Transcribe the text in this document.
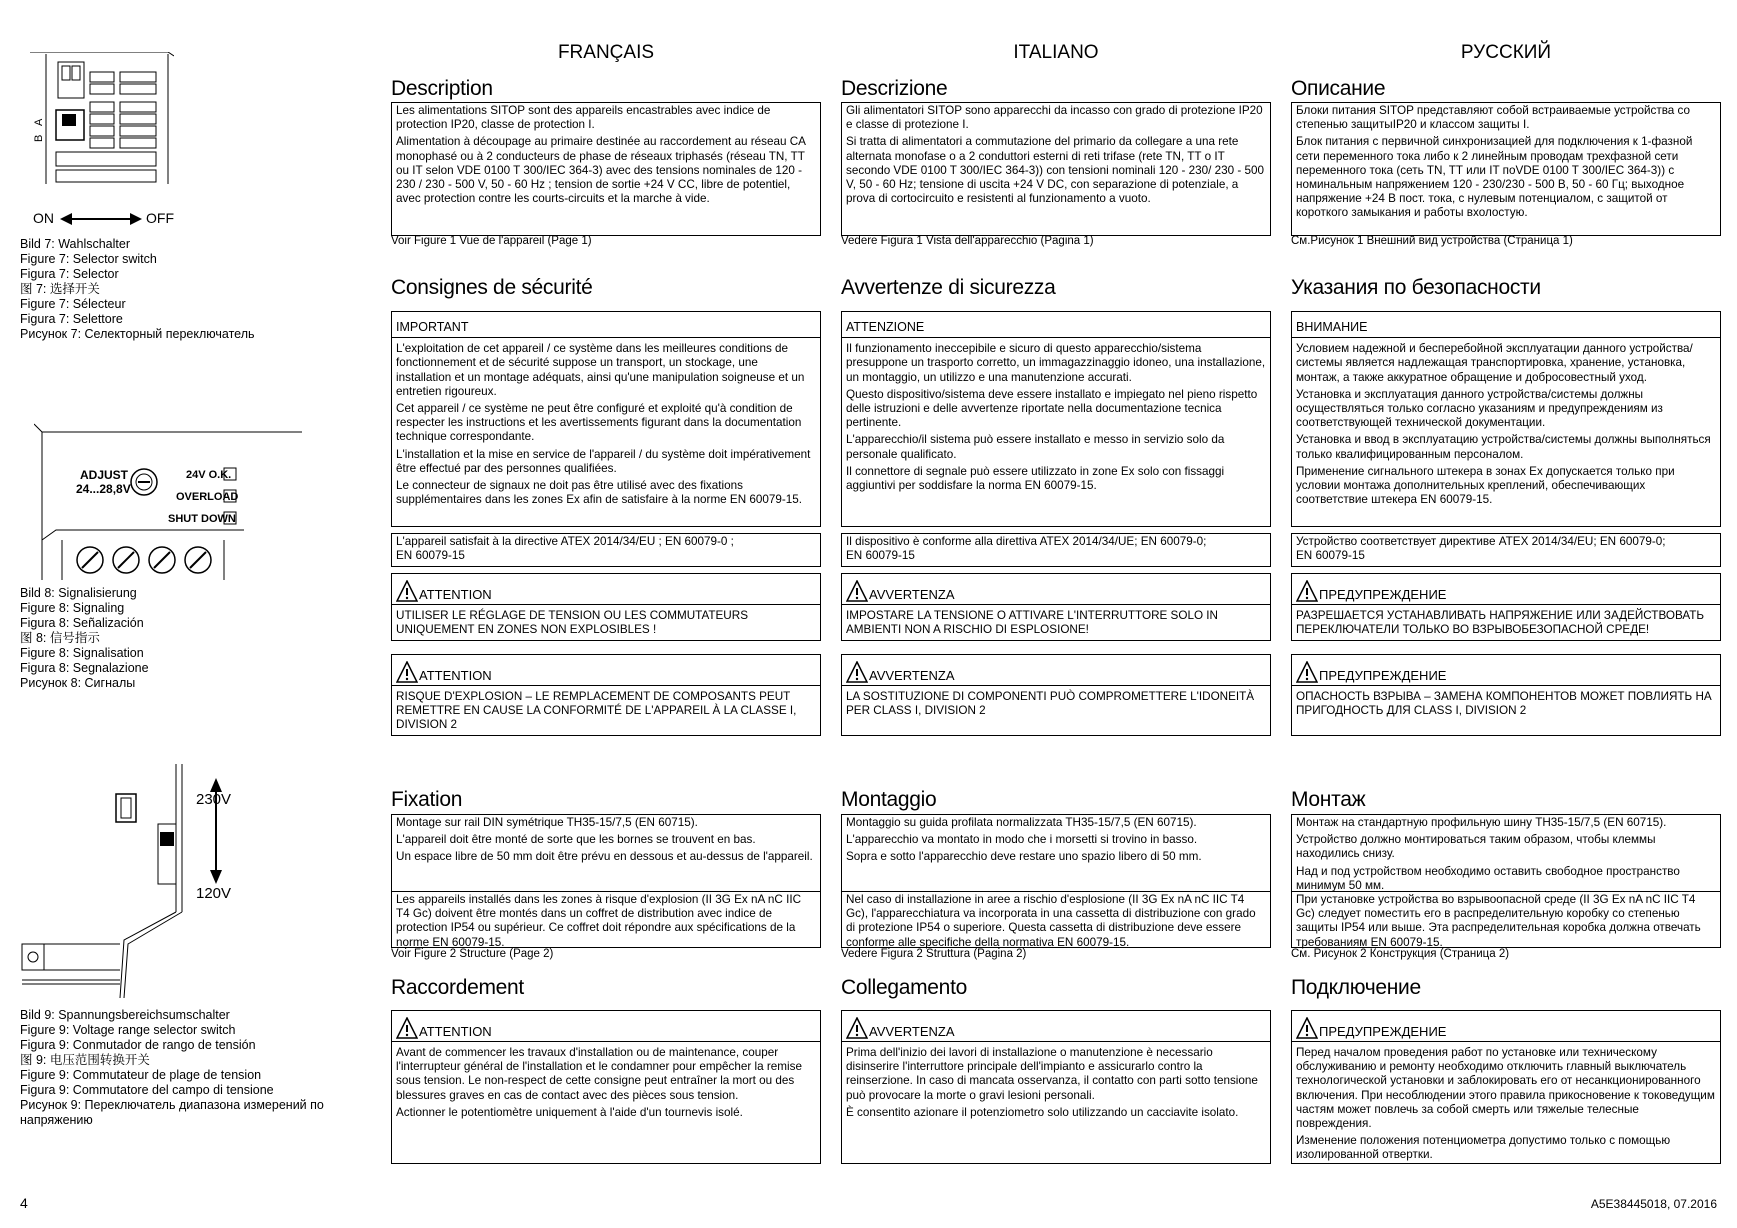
A
B
ON	OFF
Bild 7: Wahlschalter
Figure 7: Selector switch
Figura 7: Selector
图 7: 选择开关
Figure 7: Sélecteur
Figura 7: Selettore
Рисунок 7: Селекторный переключатель
ADJUST
24...28,8V
24V O.K.
OVERLOAD
SHUT DOWN
Bild 8: Signalisierung
Figure 8: Signaling
Figura 8: Señalización
图 8: 信号指示
Figure 8: Signalisation
Figura 8: Segnalazione
Рисунок 8: Сигналы
230V
120V
Bild 9: Spannungsbereichsumschalter
Figure 9: Voltage range selector switch
Figura 9: Conmutador de rango de tensión
图 9: 电压范围转换开关
Figure 9: Commutateur de plage de tension
Figura 9: Commutatore del campo di tensione
Рисунок 9: Переключатель диапазона измерений по
напряжению
4	A5E38445018, 07.2016
FRANÇAIS
Description

Les alimentations SITOP sont des appareils encastrables avec indice de protection IP20, classe de protection I.

Alimentation à découpage au primaire destinée au raccordement au réseau CA monophasé ou à 2 conducteurs de phase de réseaux triphasés (réseau TN, TT ou IT selon VDE 0100 T 300/IEC 364-3) avec des tensions nominales de 120 - 230 / 230 - 500 V, 50 - 60 Hz ; tension de sortie +24 V CC, libre de potentiel, avec protection contre les courts-circuits et la marche à vide.

Voir Figure 1 Vue de l'appareil (Page 1)
Consignes de sécurité
IMPORTANT

L'exploitation de cet appareil / ce système dans les meilleures conditions de fonctionnement et de sécurité suppose un transport, un stockage, une installation et un montage adéquats, ainsi qu'une manipulation soigneuse et un entretien rigoureux.

Cet appareil / ce système ne peut être configuré et exploité qu'à condition de respecter les instructions et les avertissements figurant dans la documentation technique correspondante.

L'installation et la mise en service de l'appareil / du système doit impérativement être effectué par des personnes qualifiées.

Le connecteur de signaux ne doit pas être utilisé avec des fixations supplémentaires dans les zones Ex afin de satisfaire à la norme EN 60079-15.

L'appareil satisfait à la directive ATEX 2014/34/EU ; EN 60079-0 ;
EN 60079-15
ATTENTION
UTILISER LE RÉGLAGE DE TENSION OU LES COMMUTATEURS UNIQUEMENT EN ZONES NON EXPLOSIBLES !
ATTENTION
RISQUE D'EXPLOSION – LE REMPLACEMENT DE COMPOSANTS PEUT REMETTRE EN CAUSE LA CONFORMITÉ DE L'APPAREIL À LA CLASSE I, DIVISION 2
Fixation

Montage sur rail DIN symétrique TH35-15/7,5 (EN 60715).

L'appareil doit être monté de sorte que les bornes se trouvent en bas.

Un espace libre de 50 mm doit être prévu en dessous et au-dessus de l'appareil.

Les appareils installés dans les zones à risque d'explosion (II 3G Ex nA nC IIC T4 Gc) doivent être montés dans un coffret de distribution avec indice de protection IP54 ou supérieur. Ce coffret doit répondre aux spécifications de la norme EN 60079-15.
Voir Figure 2 Structure (Page 2)
Raccordement
ATTENTION

Avant de commencer les travaux d'installation ou de maintenance, couper l'interrupteur général de l'installation et le condamner pour empêcher la remise sous tension. Le non-respect de cette consigne peut entraîner la mort ou des blessures graves en cas de contact avec des pièces sous tension.

Actionner le potentiomètre uniquement à l'aide d'un tournevis isolé.

ITALIANO
Descrizione

Gli alimentatori SITOP sono apparecchi da incasso con grado di protezione IP20 e classe di protezione I.

Si tratta di alimentatori a commutazione del primario da collegare a una rete alternata monofase o a 2 conduttori esterni di reti trifase (rete TN, TT o IT secondo VDE 0100 T 300/IEC 364-3)) con tensioni nominali 120 - 230/ 230 - 500 V, 50 - 60 Hz; tensione di uscita +24 V DC, con separazione di potenziale, a prova di cortocircuito e resistenti al funzionamento a vuoto.

Vedere Figura 1 Vista dell'apparecchio (Pagina 1)
Avvertenze di sicurezza
ATTENZIONE

Il funzionamento ineccepibile e sicuro di questo apparecchio/sistema presuppone un trasporto corretto, un immagazzinaggio idoneo, una installazione, un montaggio, un utilizzo e una manutenzione accurati.

Questo dispositivo/sistema deve essere installato e impiegato nel pieno rispetto delle istruzioni e delle avvertenze riportate nella documentazione tecnica pertinente.

L'apparecchio/il sistema può essere installato e messo in servizio solo da personale qualificato.

Il connettore di segnale può essere utilizzato in zone Ex solo con fissaggi aggiuntivi per soddisfare la norma EN 60079-15.

Il dispositivo è conforme alla direttiva ATEX 2014/34/UE; EN 60079-0;
EN 60079-15
AVVERTENZA
IMPOSTARE LA TENSIONE O ATTIVARE L'INTERRUTTORE SOLO IN AMBIENTI NON A RISCHIO DI ESPLOSIONE!
AVVERTENZA
LA SOSTITUZIONE DI COMPONENTI PUÒ COMPROMETTERE L'IDONEITÀ PER CLASS I, DIVISION 2
Montaggio

Montaggio su guida profilata normalizzata TH35-15/7,5 (EN 60715).

L'apparecchio va montato in modo che i morsetti si trovino in basso.

Sopra e sotto l'apparecchio deve restare uno spazio libero di 50 mm.

Nel caso di installazione in aree a rischio d'esplosione (II 3G Ex nA nC IIC T4 Gc), l'apparecchiatura va incorporata in una cassetta di distribuzione con grado di protezione IP54 o superiore. Questa cassetta di distribuzione deve essere conforme alle specifiche della normativa EN 60079-15.
Vedere Figura 2 Struttura (Pagina 2)
Collegamento
AVVERTENZA

Prima dell'inizio dei lavori di installazione o manutenzione è necessario disinserire l'interruttore principale dell'impianto e assicurarlo contro la reinserzione. In caso di mancata osservanza, il contatto con parti sotto tensione può provocare la morte o gravi lesioni personali.

È consentito azionare il potenziometro solo utilizzando un cacciavite isolato.

РУССКИЙ
Описание

Блоки питания SITOP представляют собой встраиваемые устройства со степенью защитыIP20 и классом защиты I.

Блок питания с первичной синхронизацией для подключения к 1-фазной сети переменного тока либо к 2 линейным проводам трехфазной сети переменного тока (сеть TN, TT или IT поVDE 0100 T 300/IEC 364-3)) с номинальным напряжением 120 - 230/230 - 500 В, 50 - 60 Гц; выходное напряжение +24 В пост. тока, с нулевым потенциалом, с защитой от короткого замыкания и работы вхолостую.

См.Рисунок 1 Внешний вид устройства (Страница 1)
Указания по безопасности
ВНИМАНИЕ

Условием надежной и бесперебойной эксплуатации данного устройства/системы является надлежащая транспортировка, хранение, установка, монтаж, а также аккуратное обращение и добросовестный уход.

Установка и эксплуатация данного устройства/системы должны осуществляться только согласно указаниям и предупреждениям из соответствующей технической документации.

Установка и ввод в эксплуатацию устройства/системы должны выполняться только квалифицированным персоналом.

Применение сигнального штекера в зонах Ex допускается только при условии монтажа дополнительных креплений, обеспечивающих соответствие штекера EN 60079-15.

Устройство соответствует директиве ATEX 2014/34/EU; EN 60079-0;
EN 60079-15
ПРЕДУПРЕЖДЕНИЕ
РАЗРЕШАЕТСЯ УСТАНАВЛИВАТЬ НАПРЯЖЕНИЕ ИЛИ ЗАДЕЙСТВОВАТЬ ПЕРЕКЛЮЧАТЕЛИ ТОЛЬКО ВО ВЗРЫВОБЕЗОПАСНОЙ СРЕДЕ!
ПРЕДУПРЕЖДЕНИЕ
ОПАСНОСТЬ ВЗРЫВА – ЗАМЕНА КОМПОНЕНТОВ МОЖЕТ ПОВЛИЯТЬ НА ПРИГОДНОСТЬ ДЛЯ CLASS I, DIVISION 2
Монтаж

Монтаж на стандартную профильную шину TH35-15/7,5 (EN 60715).

Устройство должно монтироваться таким образом, чтобы клеммы находились снизу.

Над и под устройством необходимо оставить свободное пространство минимум 50 мм.

При установке устройства во взрывоопасной среде (II 3G Ex nA nC IIC T4 Gc) следует поместить его в распределительную коробку со степенью защиты IP54 или выше. Эта распределительная коробка должна отвечать требованиям EN 60079-15.
См. Рисунок 2 Конструкция (Страница 2)
Подключение
ПРЕДУПРЕЖДЕНИЕ

Перед началом проведения работ по установке или техническому обслуживанию и ремонту необходимо отключить главный выключатель технологической установки и заблокировать его от несанкционированного включения. При несоблюдении этого правила прикосновение к токоведущим частям может повлечь за собой смерть или тяжелые телесные повреждения.

Изменение положения потенциометра допустимо только с помощью изолированной отвертки.
